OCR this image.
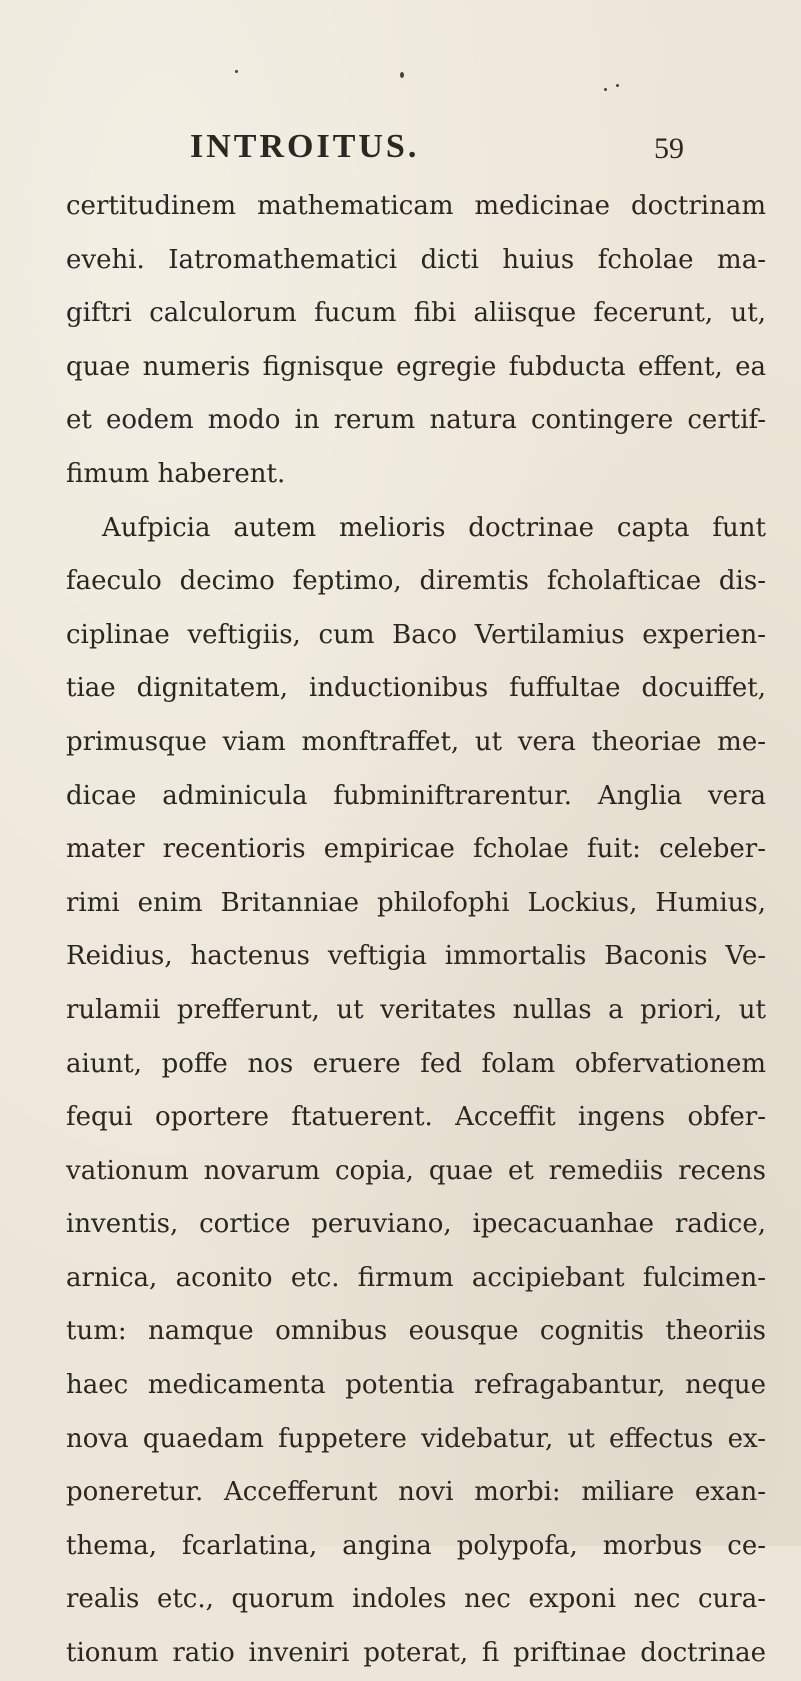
INTROITUS.	59
certitudinem mathematicam medicinae doctrinam
evehi. Iatromathematici dicti huius fcholae ma-
giftri calculorum fucum fibi aliisque fecerunt, ut,
quae numeris fignisque egregie fubducta effent, ea
et eodem modo in rerum natura contingere certif-
fimum haberent.
Aufpicia autem melioris doctrinae capta funt
faeculo decimo feptimo, diremtis fcholafticae dis-
ciplinae veftigiis, cum Baco Vertilamius experien-
tiae dignitatem, inductionibus fuffultae docuiffet,
primusque viam monftraffet, ut vera theoriae me-
dicae adminicula fubminiftrarentur. Anglia vera
mater recentioris empiricae fcholae fuit: celeber-
rimi enim Britanniae philofophi Lockius, Humius,
Reidius, hactenus veftigia immortalis Baconis Ve-
rulamii prefferunt, ut veritates nullas a priori, ut
aiunt, poffe nos eruere fed folam obfervationem
fequi oportere ftatuerent. Acceffit ingens obfer-
vationum novarum copia, quae et remediis recens
inventis, cortice peruviano, ipecacuanhae radice,
arnica, aconito etc. firmum accipiebant fulcimen-
tum: namque omnibus eousque cognitis theoriis
haec medicamenta potentia refragabantur, neque
nova quaedam fuppetere videbatur, ut effectus ex-
poneretur. Accefferunt novi morbi: miliare exan-
thema, fcarlatina, angina polypofa, morbus ce-
realis etc., quorum indoles nec exponi nec cura-
tionum ratio inveniri poterat, fi priftinae doctrinae
